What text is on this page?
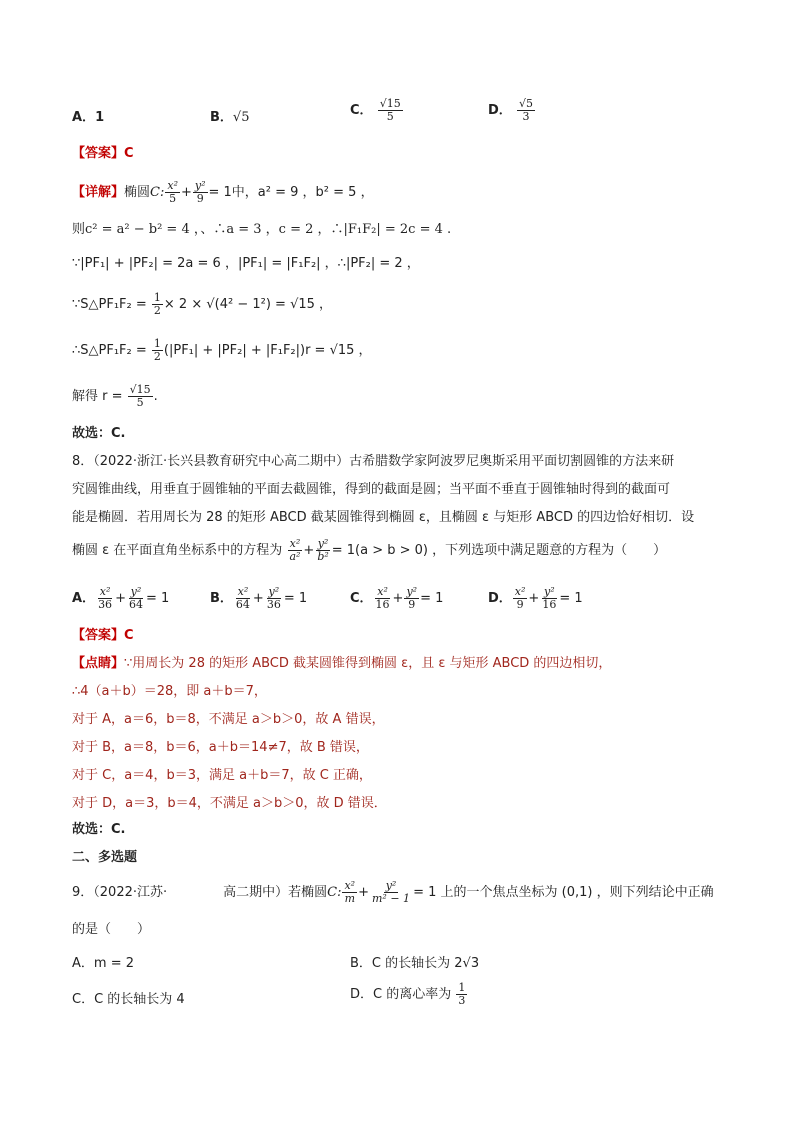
A．1	B．√5	C． $\frac{√15}{5}$	D． $\frac{√5}{3}$
【答案】C
【详解】椭圆C: $\frac{\text{x²}}{5} + \frac{\text{y²}}{9} = 1$中，a² = 9 ，b² = 5 ，
则c² = a² − b² = 4 ，、∴a = 3 ，c = 2 ，∴|F₁F₂| = 2c = 4 .
∵|PF₁| + |PF₂| = 2a = 6 ，|PF₁| = |F₁F₂| ，∴|PF₂| = 2 ，
∵S△PF₁F₂ = $\frac{1}{2} \times 2 \times √(4^2 - 1^2) = √15$ ，
∴S△PF₁F₂ = $\frac{1}{2} (|PF_1| + |PF_2| + |F_1F_2|)r = √15$ ，
解得 $r = \frac{√15}{5}$ .
故选：C.
8．（2022·浙江·长兴县教育研究中心高二期中）古希腊数学家阿波罗尼奥斯采用平面切割圆锥的方法来研
究圆锥曲线，用垂直于圆锥轴的平面去截圆锥，得到的截面是圆；当平面不垂直于圆锥轴时得到的截面可
能是椭圆．若用周长为 28 的矩形 ABCD 截某圆锥得到椭圆 ε，且椭圆 ε 与矩形 ABCD 的四边恰好相切．设
椭圆 ε 在平面直角坐标系中的方程为 $\frac{\text{x²}}{\text{a²}} + \frac{\text{y²}}{\text{b²}} = 1(a > b > 0)$ ，下列选项中满足题意的方程为（　　）
A． $\frac{\text{x²}}{36} + \frac{\text{y²}}{64} = 1$	B． $\frac{\text{x²}}{64} + \frac{\text{y²}}{36} = 1$	C． $\frac{\text{x²}}{16} + \frac{\text{y²}}{9} = 1$	D． $\frac{\text{x²}}{9} + \frac{\text{y²}}{16} = 1$
【答案】C
【点睛】∵用周长为 28 的矩形 ABCD 截某圆锥得到椭圆 ε，且 ε 与矩形 ABCD 的四边相切，
∴4（a＋b）＝28，即 a＋b＝7，
对于 A，a＝6，b＝8，不满足 a＞b＞0，故 A 错误，
对于 B，a＝8，b＝6，a＋b＝14≠7，故 B 错误，
对于 C，a＝4，b＝3，满足 a＋b＝7，故 C 正确，
对于 D，a＝3，b＝4，不满足 a＞b＞0，故 D 错误．
故选：C.
二、多选题
9．（2022·江苏·	高二期中）若椭圆C: $\frac{\text{x²}}{m} + \frac{\text{y²}}{\text{m² − 1}} = 1$ 上的一个焦点坐标为 (0,1) ，则下列结论中正确
的是（　　）
A．m = 2	B．C 的长轴长为 2√3
C．C 的长轴长为 4	D．C 的离心率为 $\frac{1}{3}$
